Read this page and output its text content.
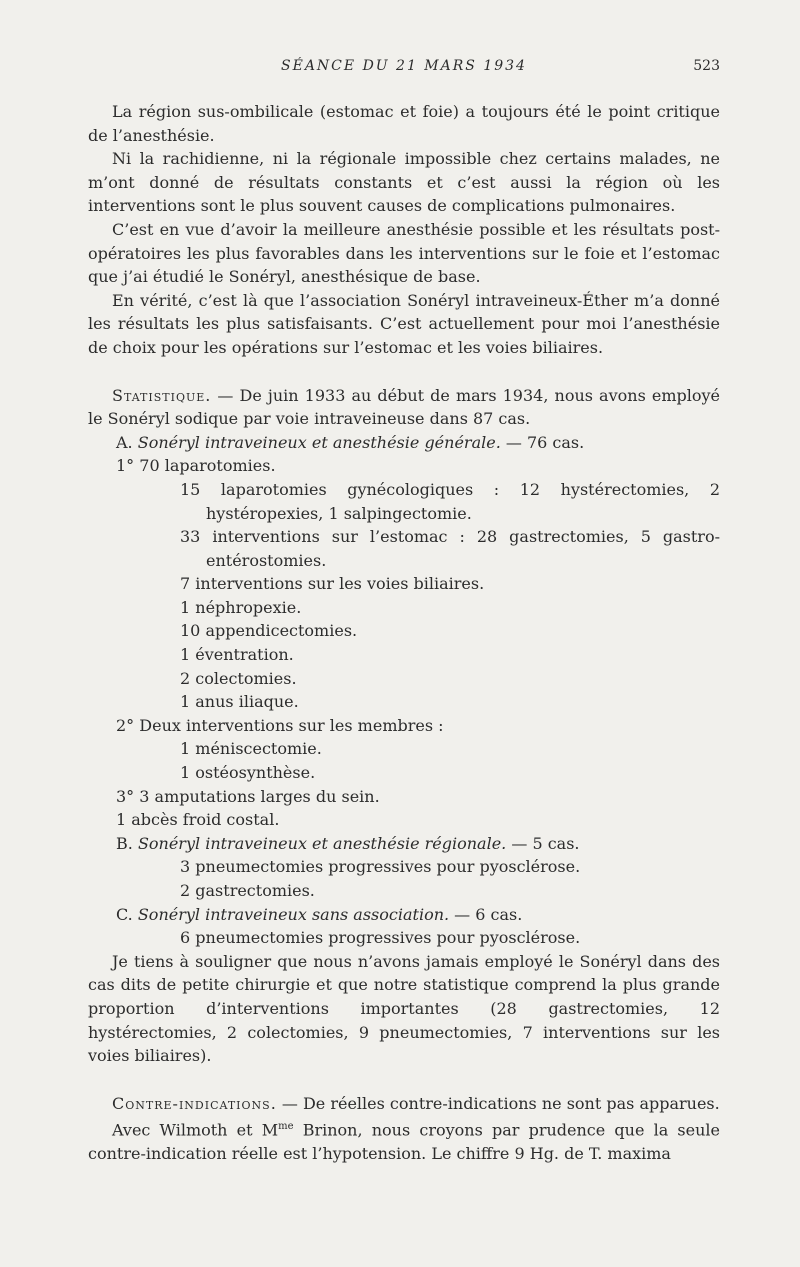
SÉANCE DU 21 MARS 1934	523

La région sus-ombilicale (estomac et foie) a toujours été le point critique de l’anesthésie.

Ni la rachidienne, ni la régionale impossible chez certains malades, ne m’ont donné de résultats constants et c’est aussi la région où les interventions sont le plus souvent causes de complications pulmonaires.

C’est en vue d’avoir la meilleure anesthésie possible et les résultats post-opératoires les plus favorables dans les interventions sur le foie et l’estomac que j’ai étudié le Sonéryl, anesthésique de base.

En vérité, c’est là que l’association Sonéryl intraveineux-Éther m’a donné les résultats les plus satisfaisants. C’est actuellement pour moi l’anesthésie de choix pour les opérations sur l’estomac et les voies biliaires.

Statistique. — De juin 1933 au début de mars 1934, nous avons employé le Sonéryl sodique par voie intraveineuse dans 87 cas.

A. Sonéryl intraveineux et anesthésie générale. — 76 cas.

1° 70 laparotomies.

15 laparotomies gynécologiques : 12 hystérectomies, 2 hystéropexies, 1 salpingectomie.

33 interventions sur l’estomac : 28 gastrectomies, 5 gastro-entérostomies.

7 interventions sur les voies biliaires.

1 néphropexie.

10 appendicectomies.

1 éventration.

2 colectomies.

1 anus iliaque.

2° Deux interventions sur les membres :

1 méniscectomie.

1 ostéosynthèse.

3° 3 amputations larges du sein.

1 abcès froid costal.

B. Sonéryl intraveineux et anesthésie régionale. — 5 cas.

3 pneumectomies progressives pour pyosclérose.

2 gastrectomies.

C. Sonéryl intraveineux sans association. — 6 cas.

6 pneumectomies progressives pour pyosclérose.

Je tiens à souligner que nous n’avons jamais employé le Sonéryl dans des cas dits de petite chirurgie et que notre statistique comprend la plus grande proportion d’interventions importantes (28 gastrectomies, 12 hystérectomies, 2 colectomies, 9 pneumectomies, 7 interventions sur les voies biliaires).

Contre-indications. — De réelles contre-indications ne sont pas apparues.

Avec Wilmoth et $M^{me}$ Brinon, nous croyons par prudence que la seule contre-indication réelle est l’hypotension. Le chiffre 9 Hg. de T. maxima
